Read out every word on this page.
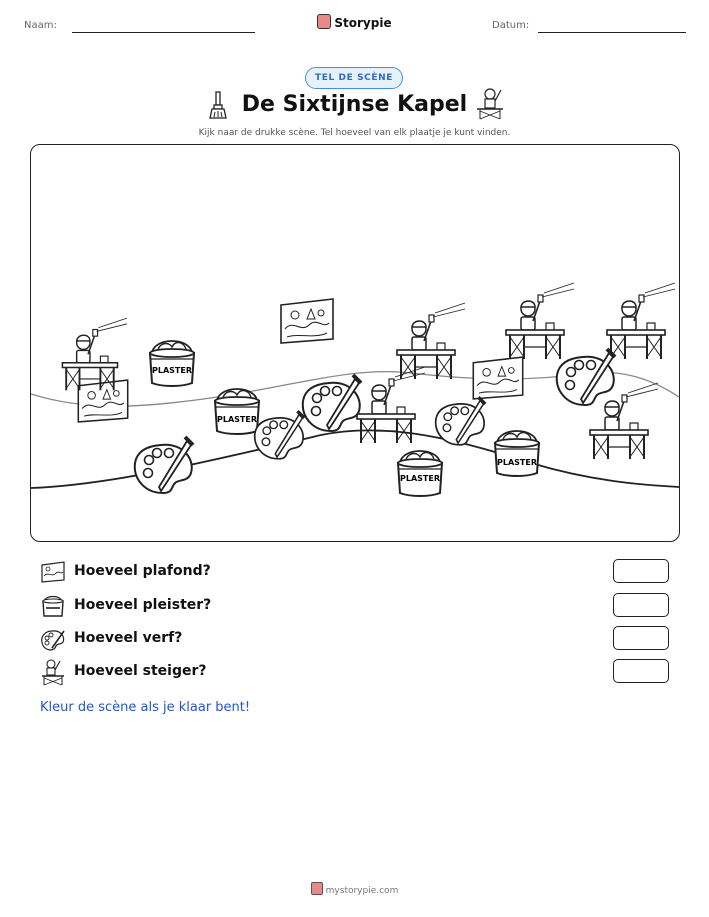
Naam:	Storypie	Datum:
TEL DE SCÈNE
De Sixtijnse Kapel
Kijk naar de drukke scène. Tel hoeveel van elk plaatje je kunt vinden.
PLASTER
PLASTER
PLASTER
PLASTER
Hoeveel plafond?
Hoeveel pleister?
Hoeveel verf?
Hoeveel steiger?
Kleur de scène als je klaar bent!
mystorypie.com
